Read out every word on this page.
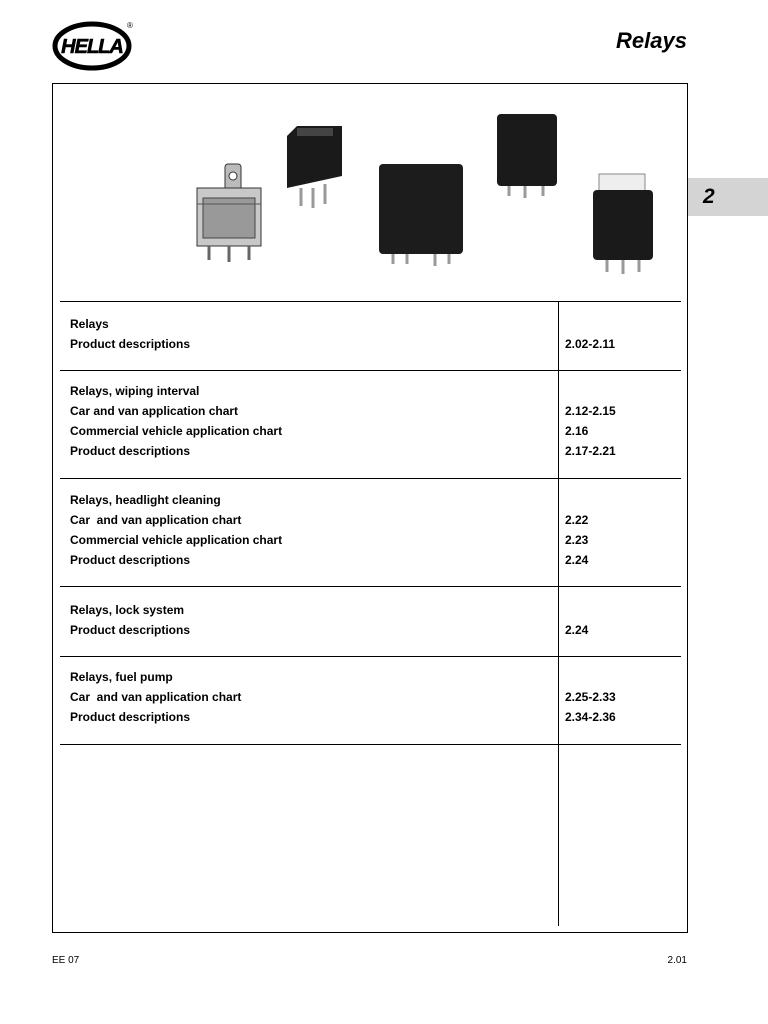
HELLA
®
Relays
2
Relays
Product descriptions	2.02-2.11
Relays, wiping interval
Car and van application chart	2.12-2.15
Commercial vehicle application chart	2.16
Product descriptions	2.17-2.21
Relays, headlight cleaning
Car  and van application chart	2.22
Commercial vehicle application chart	2.23
Product descriptions	2.24
Relays, lock system
Product descriptions	2.24
Relays, fuel pump
Car  and van application chart	2.25-2.33
Product descriptions	2.34-2.36
EE 07	2.01
